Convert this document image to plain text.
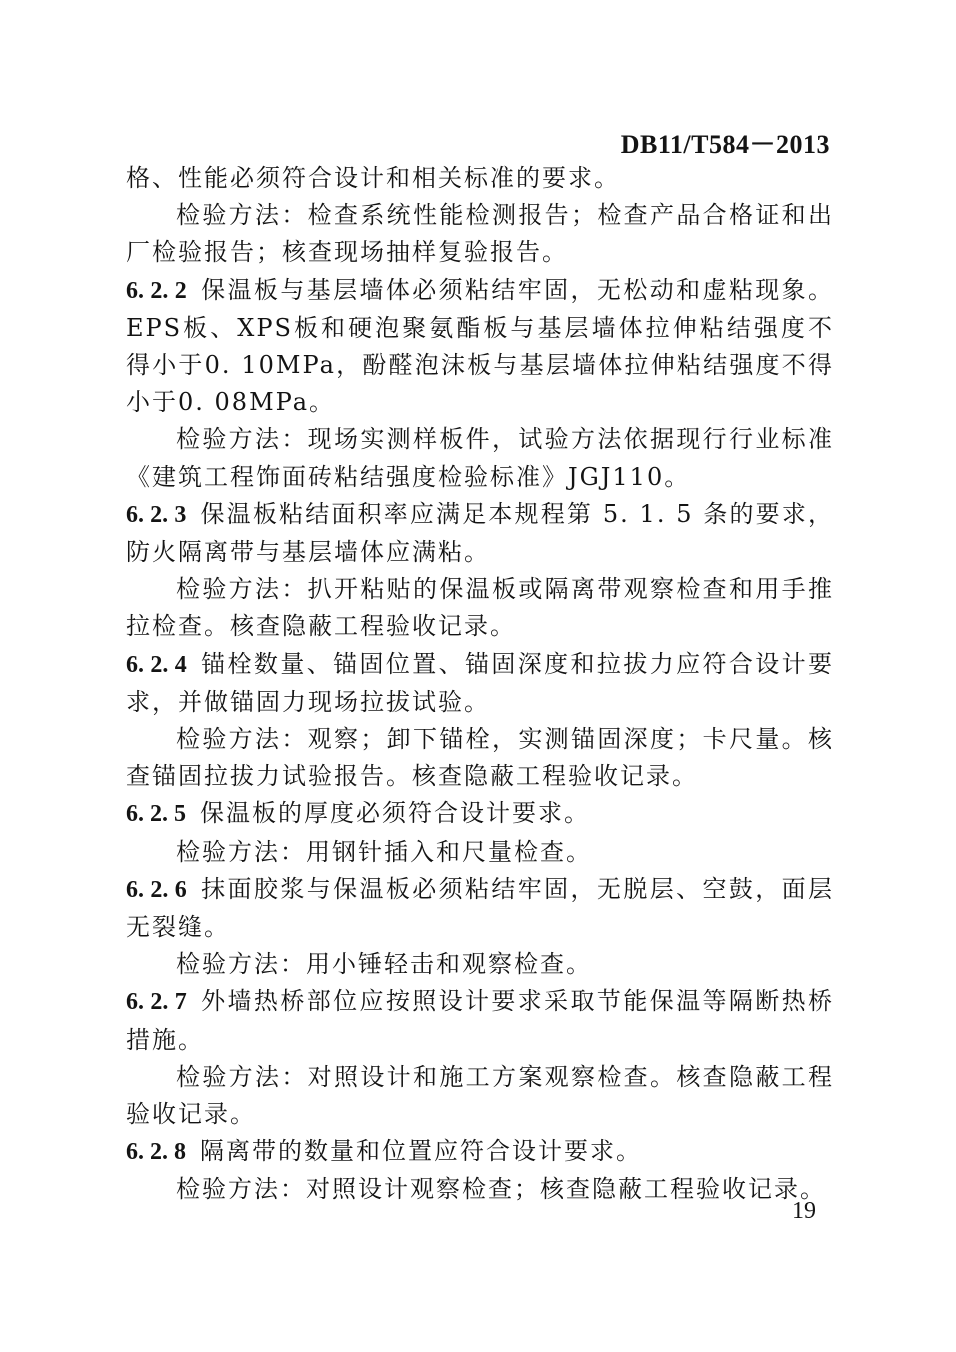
DB11/T584－2013

格、性能必须符合设计和相关标准的要求。

检验方法：检查系统性能检测报告；检查产品合格证和出厂检验报告；核查现场抽样复验报告。

6. 2. 2 保温板与基层墙体必须粘结牢固，无松动和虚粘现象。EPS板、XPS板和硬泡聚氨酯板与基层墙体拉伸粘结强度不得小于0. 10MPa，酚醛泡沫板与基层墙体拉伸粘结强度不得小于0. 08MPa。

检验方法：现场实测样板件，试验方法依据现行行业标准《建筑工程饰面砖粘结强度检验标准》JGJ110。

6. 2. 3 保温板粘结面积率应满足本规程第 5. 1. 5 条的要求，防火隔离带与基层墙体应满粘。

检验方法：扒开粘贴的保温板或隔离带观察检查和用手推拉检查。核查隐蔽工程验收记录。

6. 2. 4 锚栓数量、锚固位置、锚固深度和拉拔力应符合设计要求，并做锚固力现场拉拔试验。

检验方法：观察；卸下锚栓，实测锚固深度；卡尺量。核查锚固拉拔力试验报告。核查隐蔽工程验收记录。

6. 2. 5 保温板的厚度必须符合设计要求。

检验方法：用钢针插入和尺量检查。

6. 2. 6 抹面胶浆与保温板必须粘结牢固，无脱层、空鼓，面层无裂缝。

检验方法：用小锤轻击和观察检查。

6. 2. 7 外墙热桥部位应按照设计要求采取节能保温等隔断热桥措施。

检验方法：对照设计和施工方案观察检查。核查隐蔽工程验收记录。

6. 2. 8 隔离带的数量和位置应符合设计要求。

检验方法：对照设计观察检查；核查隐蔽工程验收记录。

19
